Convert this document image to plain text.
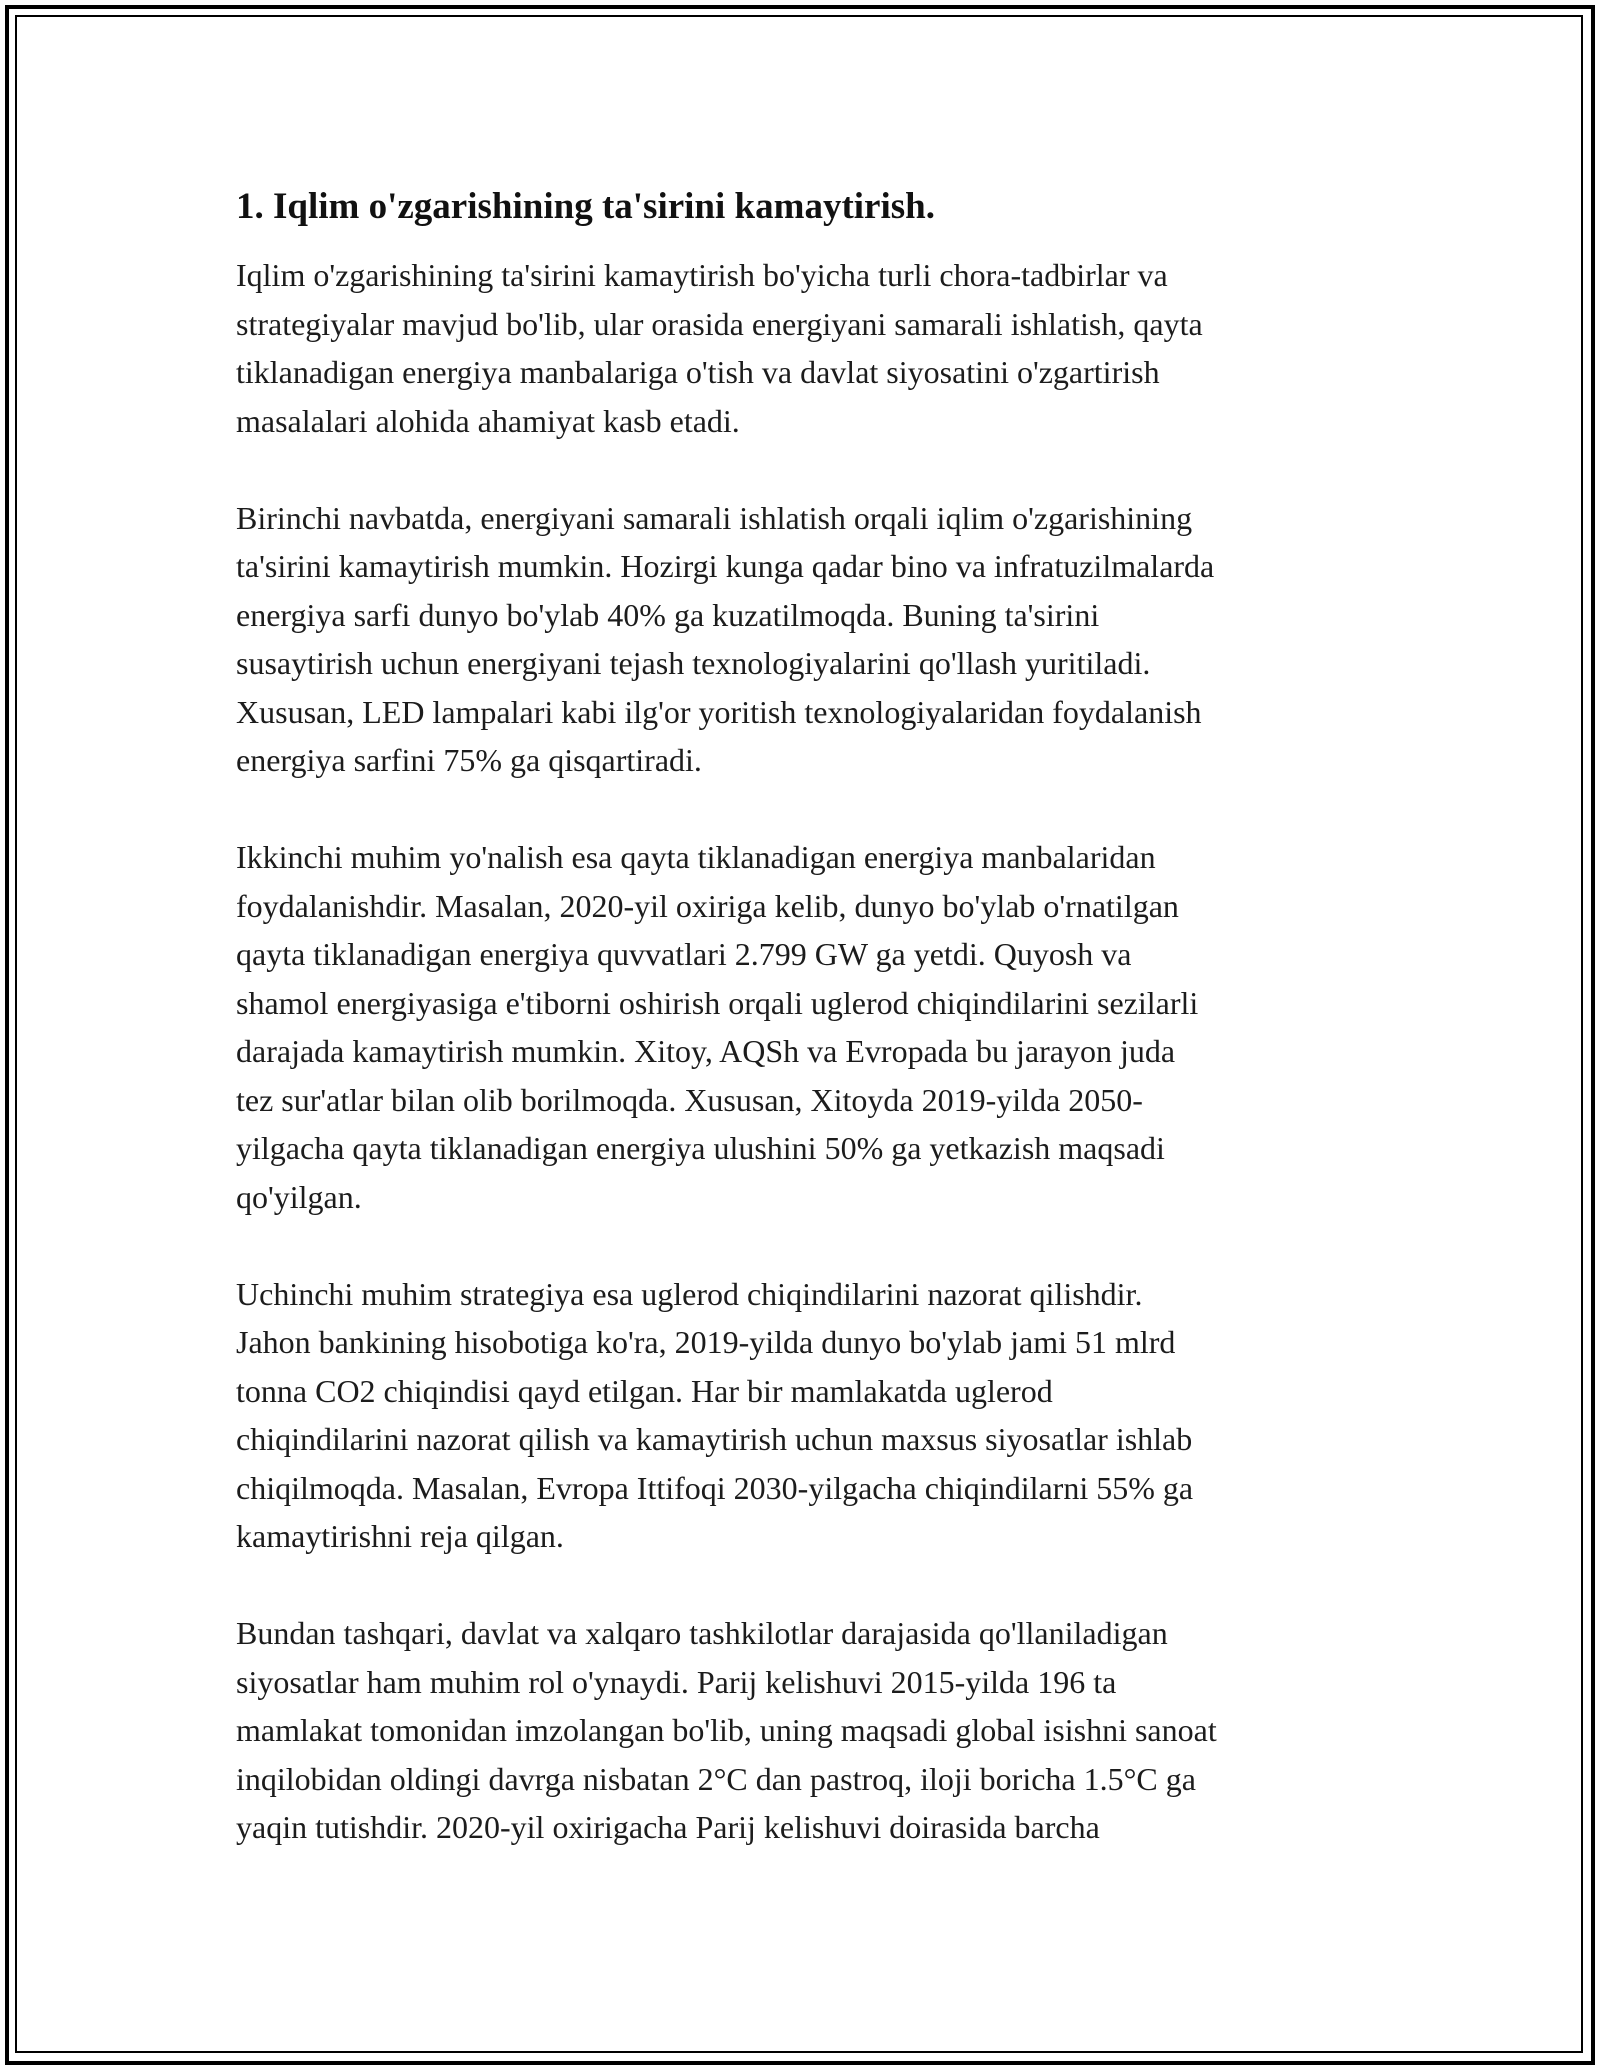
1. Iqlim o'zgarishining ta'sirini kamaytirish.

Iqlim o'zgarishining ta'sirini kamaytirish bo'yicha turli chora-tadbirlar va
strategiyalar mavjud bo'lib, ular orasida energiyani samarali ishlatish, qayta
tiklanadigan energiya manbalariga o'tish va davlat siyosatini o'zgartirish
masalalari alohida ahamiyat kasb etadi.

Birinchi navbatda, energiyani samarali ishlatish orqali iqlim o'zgarishining
ta'sirini kamaytirish mumkin. Hozirgi kunga qadar bino va infratuzilmalarda
energiya sarfi dunyo bo'ylab 40% ga kuzatilmoqda. Buning ta'sirini
susaytirish uchun energiyani tejash texnologiyalarini qo'llash yuritiladi.
Xususan, LED lampalari kabi ilg'or yoritish texnologiyalaridan foydalanish
energiya sarfini 75% ga qisqartiradi.

Ikkinchi muhim yo'nalish esa qayta tiklanadigan energiya manbalaridan
foydalanishdir. Masalan, 2020-yil oxiriga kelib, dunyo bo'ylab o'rnatilgan
qayta tiklanadigan energiya quvvatlari 2.799 GW ga yetdi. Quyosh va
shamol energiyasiga e'tiborni oshirish orqali uglerod chiqindilarini sezilarli
darajada kamaytirish mumkin. Xitoy, AQSh va Evropada bu jarayon juda
tez sur'atlar bilan olib borilmoqda. Xususan, Xitoyda 2019-yilda 2050-
yilgacha qayta tiklanadigan energiya ulushini 50% ga yetkazish maqsadi
qo'yilgan.

Uchinchi muhim strategiya esa uglerod chiqindilarini nazorat qilishdir.
Jahon bankining hisobotiga ko'ra, 2019-yilda dunyo bo'ylab jami 51 mlrd
tonna CO2 chiqindisi qayd etilgan. Har bir mamlakatda uglerod
chiqindilarini nazorat qilish va kamaytirish uchun maxsus siyosatlar ishlab
chiqilmoqda. Masalan, Evropa Ittifoqi 2030-yilgacha chiqindilarni 55% ga
kamaytirishni reja qilgan.

Bundan tashqari, davlat va xalqaro tashkilotlar darajasida qo'llaniladigan
siyosatlar ham muhim rol o'ynaydi. Parij kelishuvi 2015-yilda 196 ta
mamlakat tomonidan imzolangan bo'lib, uning maqsadi global isishni sanoat
inqilobidan oldingi davrga nisbatan 2°C dan pastroq, iloji boricha 1.5°C ga
yaqin tutishdir. 2020-yil oxirigacha Parij kelishuvi doirasida barcha
